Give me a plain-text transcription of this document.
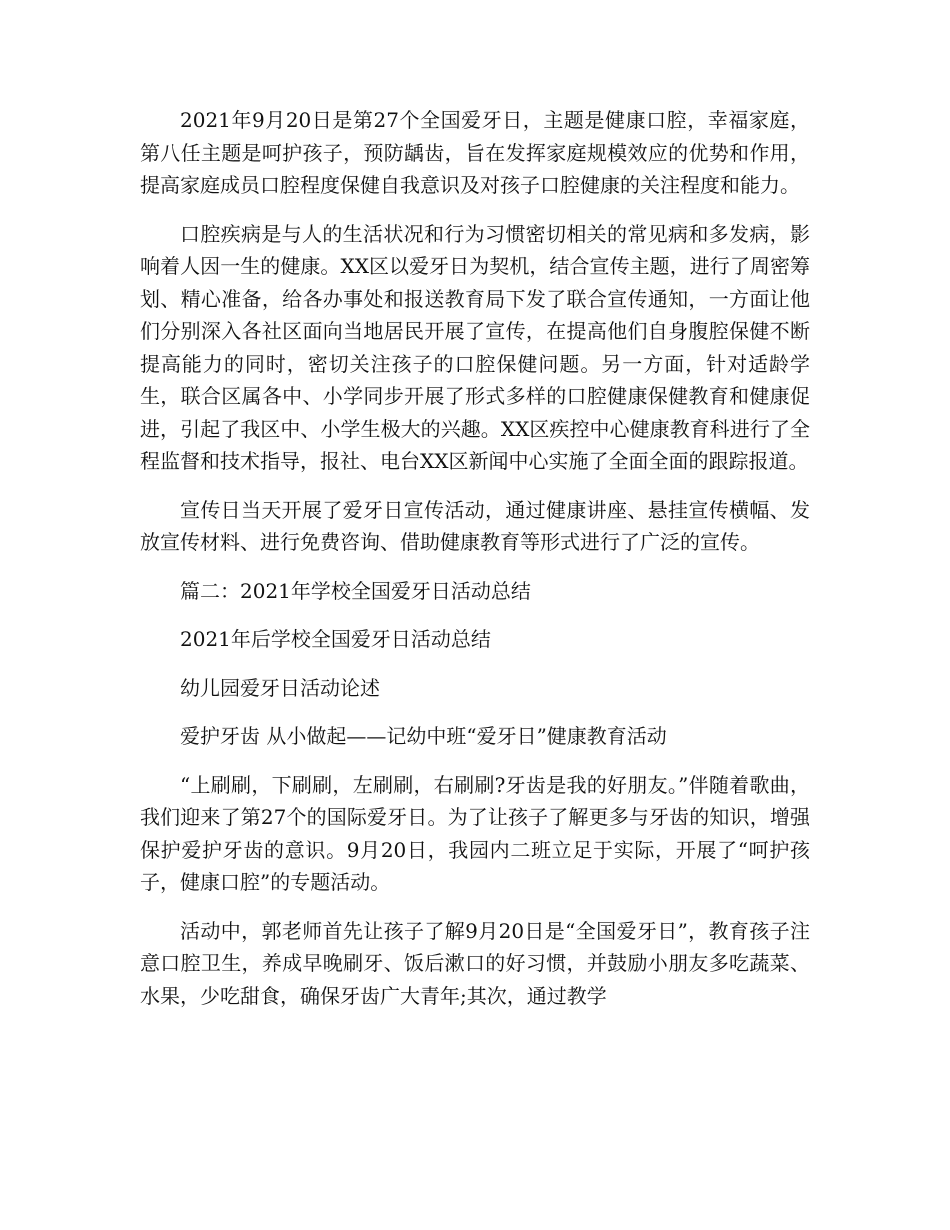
2021年9月20日是第27个全国爱牙日，主题是健康口腔，幸福家庭，第八任主题是呵护孩子，预防龋齿，旨在发挥家庭规模效应的优势和作用，提高家庭成员口腔程度保健自我意识及对孩子口腔健康的关注程度和能力。

口腔疾病是与人的生活状况和行为习惯密切相关的常见病和多发病，影响着人因一生的健康。XX区以爱牙日为契机，结合宣传主题，进行了周密筹划、精心准备，给各办事处和报送教育局下发了联合宣传通知，一方面让他们分别深入各社区面向当地居民开展了宣传，在提高他们自身腹腔保健不断提高能力的同时，密切关注孩子的口腔保健问题。另一方面，针对适龄学生，联合区属各中、小学同步开展了形式多样的口腔健康保健教育和健康促进，引起了我区中、小学生极大的兴趣。XX区疾控中心健康教育科进行了全程监督和技术指导，报社、电台XX区新闻中心实施了全面全面的跟踪报道。

宣传日当天开展了爱牙日宣传活动，通过健康讲座、悬挂宣传横幅、发放宣传材料、进行免费咨询、借助健康教育等形式进行了广泛的宣传。

篇二：2021年学校全国爱牙日活动总结

2021年后学校全国爱牙日活动总结

幼儿园爱牙日活动论述

爱护牙齿 从小做起——记幼中班“爱牙日”健康教育活动

“上刷刷，下刷刷，左刷刷，右刷刷?牙齿是我的好朋友。”伴随着歌曲，我们迎来了第27个的国际爱牙日。为了让孩子了解更多与牙齿的知识，增强保护爱护牙齿的意识。9月20日，我园内二班立足于实际，开展了“呵护孩子，健康口腔”的专题活动。

活动中，郭老师首先让孩子了解9月20日是“全国爱牙日”，教育孩子注意口腔卫生，养成早晚刷牙、饭后漱口的好习惯，并鼓励小朋友多吃蔬菜、水果，少吃甜食，确保牙齿广大青年;其次，通过教学
